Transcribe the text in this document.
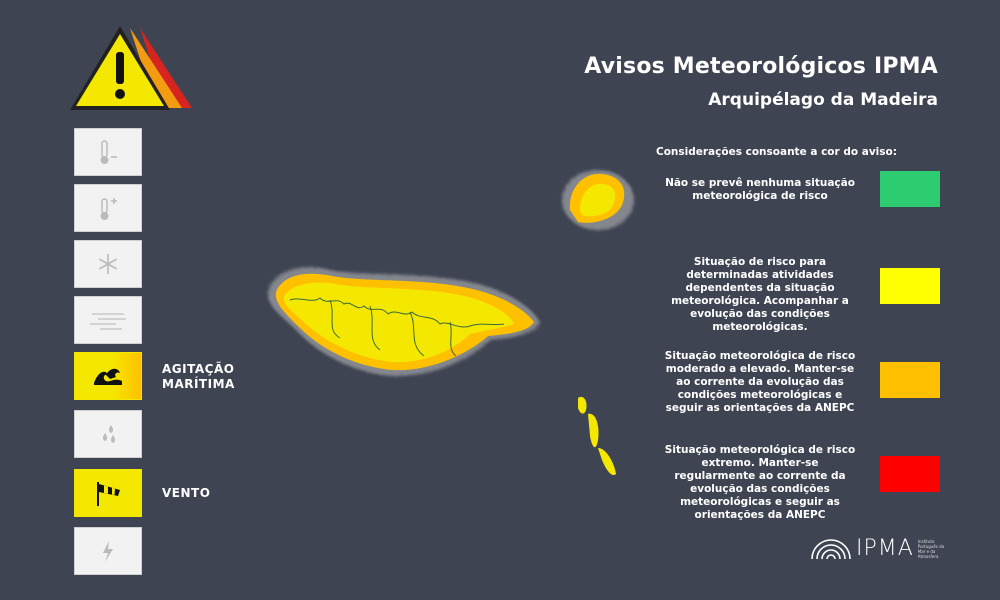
Avisos Meteorológicos IPMA
Arquipélago da Madeira
AGITAÇÃO
MARÍTIMA
VENTO
Considerações consoante a cor do aviso:
Não se prevê nenhuma situação meteorológica de risco
Situação de risco para determinadas atividades dependentes da situação meteorológica. Acompanhar a evolução das condições meteorológicas.
Situação meteorológica de risco moderado a elevado. Manter-se ao corrente da evolução das condições meteorológicas e seguir as orientações da ANEPC
Situação meteorológica de risco extremo. Manter-se regularmente ao corrente da evolução das condições meteorológicas e seguir as orientações da ANEPC
IPMA Instituto Português do Mar e da Atmosfera
